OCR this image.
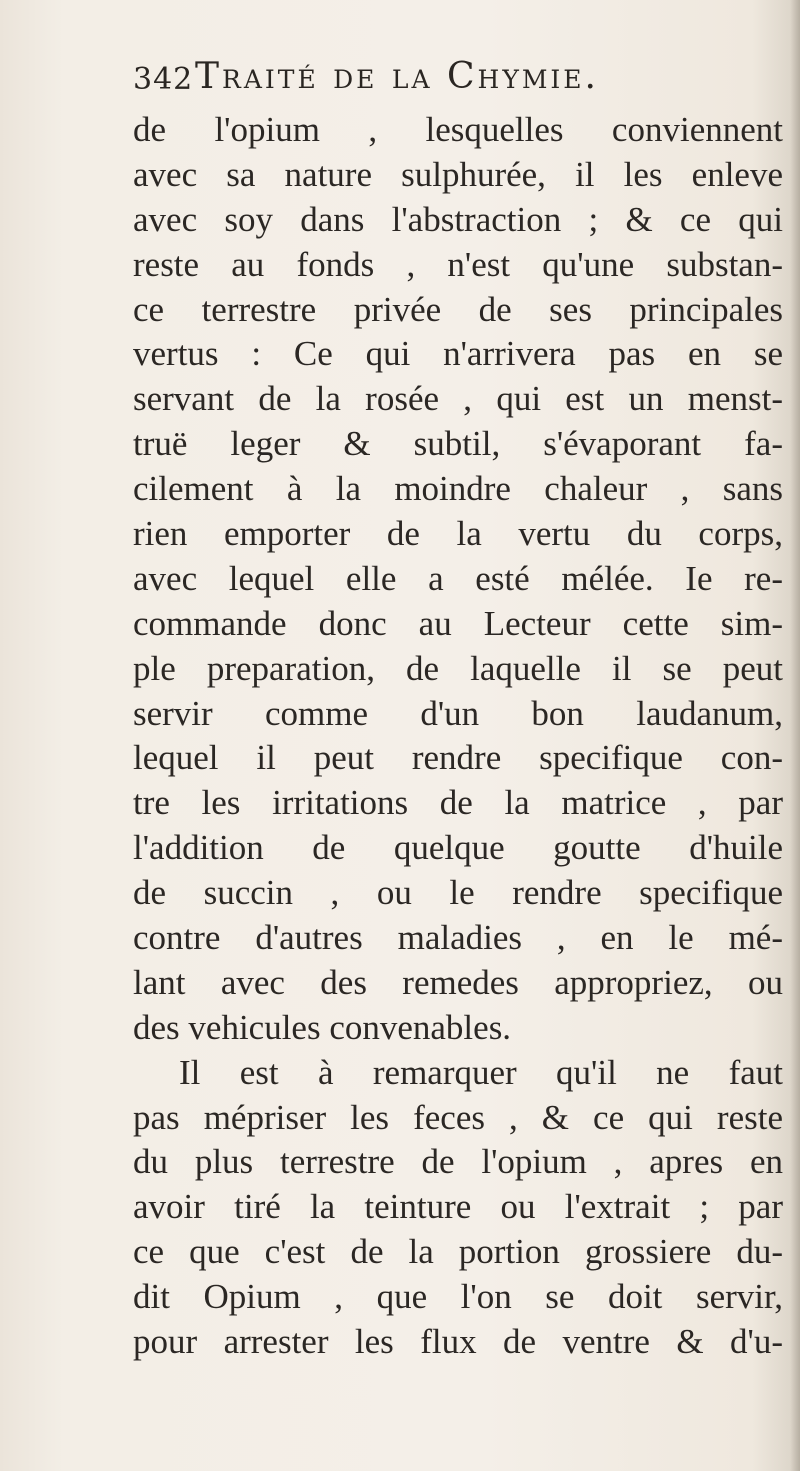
342 Traité de la Chymie.
de l'opium , lesquelles conviennent
avec sa nature sulphurée, il les enleve
avec soy dans l'abstraction ; & ce qui
reste au fonds , n'est qu'une substan-
ce terrestre privée de ses principales
vertus : Ce qui n'arrivera pas en se
servant de la rosée , qui est un menst-
truë leger & subtil, s'évaporant fa-
cilement à la moindre chaleur , sans
rien emporter de la vertu du corps,
avec lequel elle a esté mélée. Ie re-
commande donc au Lecteur cette sim-
ple preparation, de laquelle il se peut
servir comme d'un bon laudanum,
lequel il peut rendre specifique con-
tre les irritations de la matrice , par
l'addition de quelque goutte d'huile
de succin , ou le rendre specifique
contre d'autres maladies , en le mé-
lant avec des remedes appropriez, ou
des vehicules convenables.
Il est à remarquer qu'il ne faut
pas mépriser les feces , & ce qui reste
du plus terrestre de l'opium , apres en
avoir tiré la teinture ou l'extrait ; par
ce que c'est de la portion grossiere du-
dit Opium , que l'on se doit servir,
pour arrester les flux de ventre & d'u-
